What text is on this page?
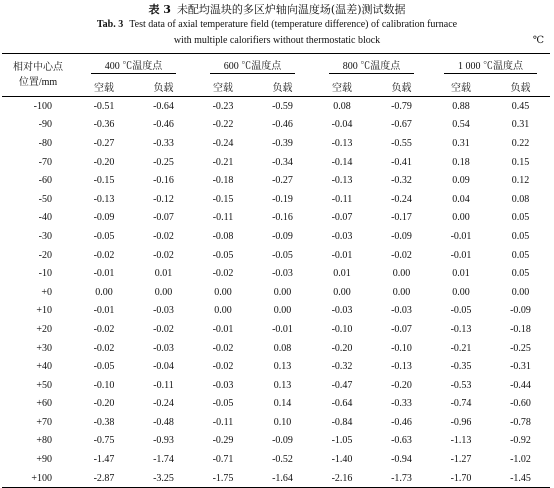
表 3 未配均温块的多区炉轴向温度场(温差)测试数据
Tab. 3 Test data of axial temperature field (temperature difference) of calibration furnace
with multiple calorifiers without thermostatic block	℃
相对中心点
位置/mm	400 ℃温度点		600 ℃温度点		800 ℃温度点		1 000 ℃温度点	
	空载	负载	空载	负载	空载	负载	空载	负载
-100	-0.51	-0.64	-0.23	-0.59	0.08	-0.79	0.88	0.45
-90	-0.36	-0.46	-0.22	-0.46	-0.04	-0.67	0.54	0.31
-80	-0.27	-0.33	-0.24	-0.39	-0.13	-0.55	0.31	0.22
-70	-0.20	-0.25	-0.21	-0.34	-0.14	-0.41	0.18	0.15
-60	-0.15	-0.16	-0.18	-0.27	-0.13	-0.32	0.09	0.12
-50	-0.13	-0.12	-0.15	-0.19	-0.11	-0.24	0.04	0.08
-40	-0.09	-0.07	-0.11	-0.16	-0.07	-0.17	0.00	0.05
-30	-0.05	-0.02	-0.08	-0.09	-0.03	-0.09	-0.01	0.05
-20	-0.02	-0.02	-0.05	-0.05	-0.01	-0.02	-0.01	0.05
-10	-0.01	0.01	-0.02	-0.03	0.01	0.00	0.01	0.05
+0	0.00	0.00	0.00	0.00	0.00	0.00	0.00	0.00
+10	-0.01	-0.03	0.00	0.00	-0.03	-0.03	-0.05	-0.09
+20	-0.02	-0.02	-0.01	-0.01	-0.10	-0.07	-0.13	-0.18
+30	-0.02	-0.03	-0.02	0.08	-0.20	-0.10	-0.21	-0.25
+40	-0.05	-0.04	-0.02	0.13	-0.32	-0.13	-0.35	-0.31
+50	-0.10	-0.11	-0.03	0.13	-0.47	-0.20	-0.53	-0.44
+60	-0.20	-0.24	-0.05	0.14	-0.64	-0.33	-0.74	-0.60
+70	-0.38	-0.48	-0.11	0.10	-0.84	-0.46	-0.96	-0.78
+80	-0.75	-0.93	-0.29	-0.09	-1.05	-0.63	-1.13	-0.92
+90	-1.47	-1.74	-0.71	-0.52	-1.40	-0.94	-1.27	-1.02
+100	-2.87	-3.25	-1.75	-1.64	-2.16	-1.73	-1.70	-1.45
